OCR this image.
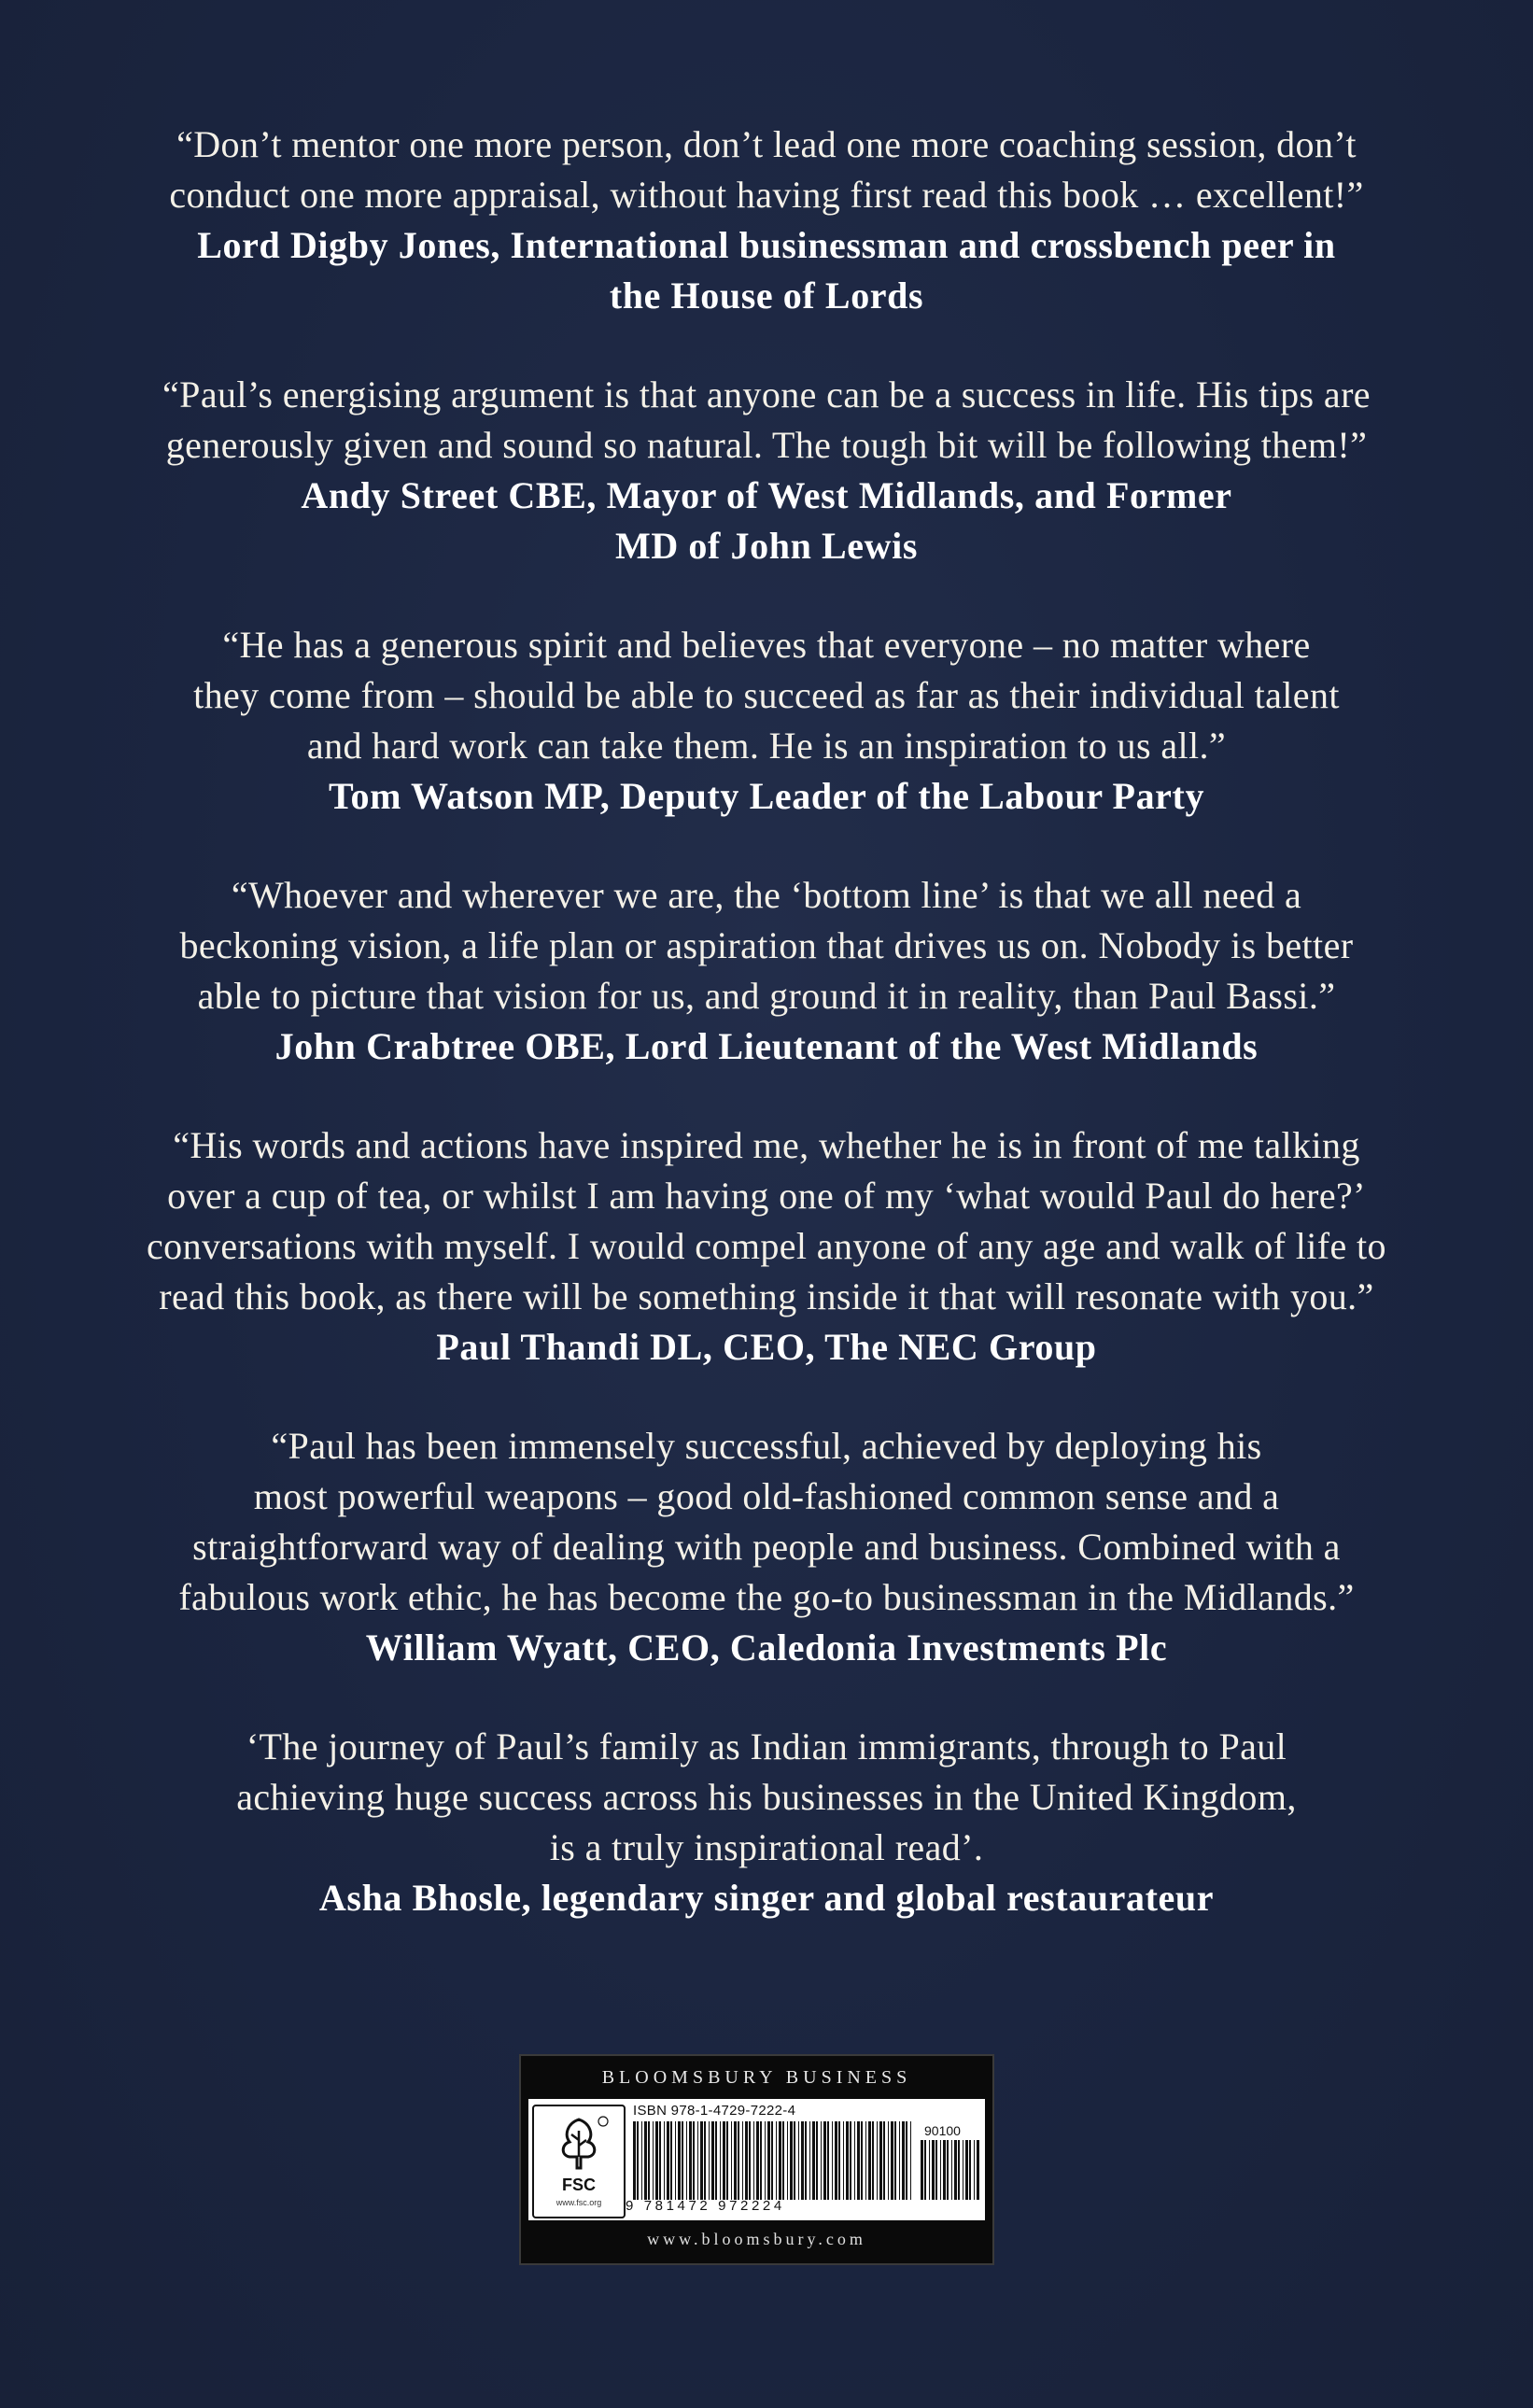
“Don’t mentor one more person, don’t lead one more coaching session, don’t
conduct one more appraisal, without having first read this book … excellent!”

Lord Digby Jones, International businessman and crossbench peer in
the House of Lords

“Paul’s energising argument is that anyone can be a success in life. His tips are
generously given and sound so natural. The tough bit will be following them!”

Andy Street CBE, Mayor of West Midlands, and Former
MD of John Lewis

“He has a generous spirit and believes that everyone – no matter where
they come from – should be able to succeed as far as their individual talent
and hard work can take them. He is an inspiration to us all.”

Tom Watson MP, Deputy Leader of the Labour Party

“Whoever and wherever we are, the ‘bottom line’ is that we all need a
beckoning vision, a life plan or aspiration that drives us on. Nobody is better
able to picture that vision for us, and ground it in reality, than Paul Bassi.”

John Crabtree OBE, Lord Lieutenant of the West Midlands

“His words and actions have inspired me, whether he is in front of me talking
over a cup of tea, or whilst I am having one of my ‘what would Paul do here?’
conversations with myself. I would compel anyone of any age and walk of life to
read this book, as there will be something inside it that will resonate with you.”

Paul Thandi DL, CEO, The NEC Group

“Paul has been immensely successful, achieved by deploying his
most powerful weapons – good old-fashioned common sense and a
straightforward way of dealing with people and business. Combined with a
fabulous work ethic, he has become the go-to businessman in the Midlands.”

William Wyatt, CEO, Caledonia Investments Plc

‘The journey of Paul’s family as Indian immigrants, through to Paul
achieving huge success across his businesses in the United Kingdom,
is a truly inspirational read’.

Asha Bhosle, legendary singer and global restaurateur

BLOOMSBURY BUSINESS
FSC
www.fsc.org
ISBN 978-1-4729-7222-4
90100
9 781472 972224
www.bloomsbury.com
